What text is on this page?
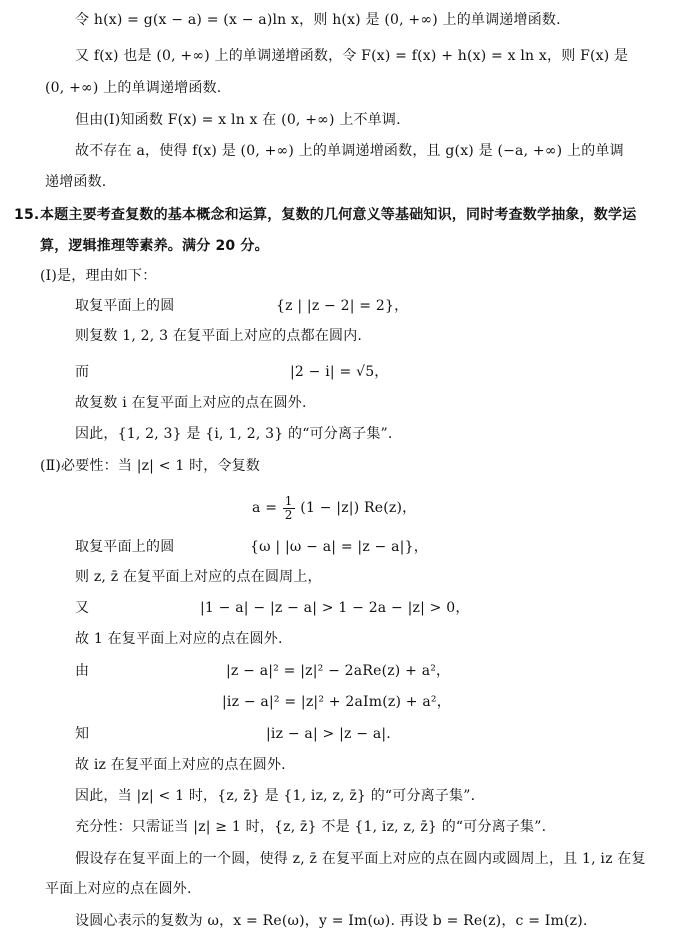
令 h(x) = g(x − a) = (x − a)ln x，则 h(x) 是 (0, +∞) 上的单调递增函数.
又 f(x) 也是 (0, +∞) 上的单调递增函数，令 F(x) = f(x) + h(x) = x ln x，则 F(x) 是
(0, +∞) 上的单调递增函数.
但由(Ⅰ)知函数 F(x) = x ln x 在 (0, +∞) 上不单调.
故不存在 a，使得 f(x) 是 (0, +∞) 上的单调递增函数，且 g(x) 是 (−a, +∞) 上的单调
递增函数.
15. 本题主要考查复数的基本概念和运算，复数的几何意义等基础知识，同时考查数学抽象，数学运
算，逻辑推理等素养。满分 20 分。
(Ⅰ)是，理由如下：
取复平面上的圆	{z | |z − 2| = 2}，
则复数 1, 2, 3 在复平面上对应的点都在圆内.
而	|2 − i| = √5，
故复数 i 在复平面上对应的点在圆外.
因此，{1, 2, 3} 是 {i, 1, 2, 3} 的“可分离子集”.
(Ⅱ)必要性：当 |z| < 1 时，令复数
$a = \frac{1}{2} (1 - |z|)$ Re(z)，
取复平面上的圆	{ω | |ω − a| = |z − a|}，
则 z, z̄ 在复平面上对应的点在圆周上，
又	|1 − a| − |z − a| > 1 − 2a − |z| > 0，
故 1 在复平面上对应的点在圆外.
由	|z − a|² = |z|² − 2aRe(z) + a²，
|iz − a|² = |z|² + 2aIm(z) + a²，
知	|iz − a| > |z − a|.
故 iz 在复平面上对应的点在圆外.
因此，当 |z| < 1 时，{z, z̄} 是 {1, iz, z, z̄} 的“可分离子集”.
充分性：只需证当 |z| ≥ 1 时，{z, z̄} 不是 {1, iz, z, z̄} 的“可分离子集”.
假设存在复平面上的一个圆，使得 z, z̄ 在复平面上对应的点在圆内或圆周上，且 1, iz 在复
平面上对应的点在圆外.
设圆心表示的复数为 ω，x = Re(ω)，y = Im(ω). 再设 b = Re(z)，c = Im(z).
